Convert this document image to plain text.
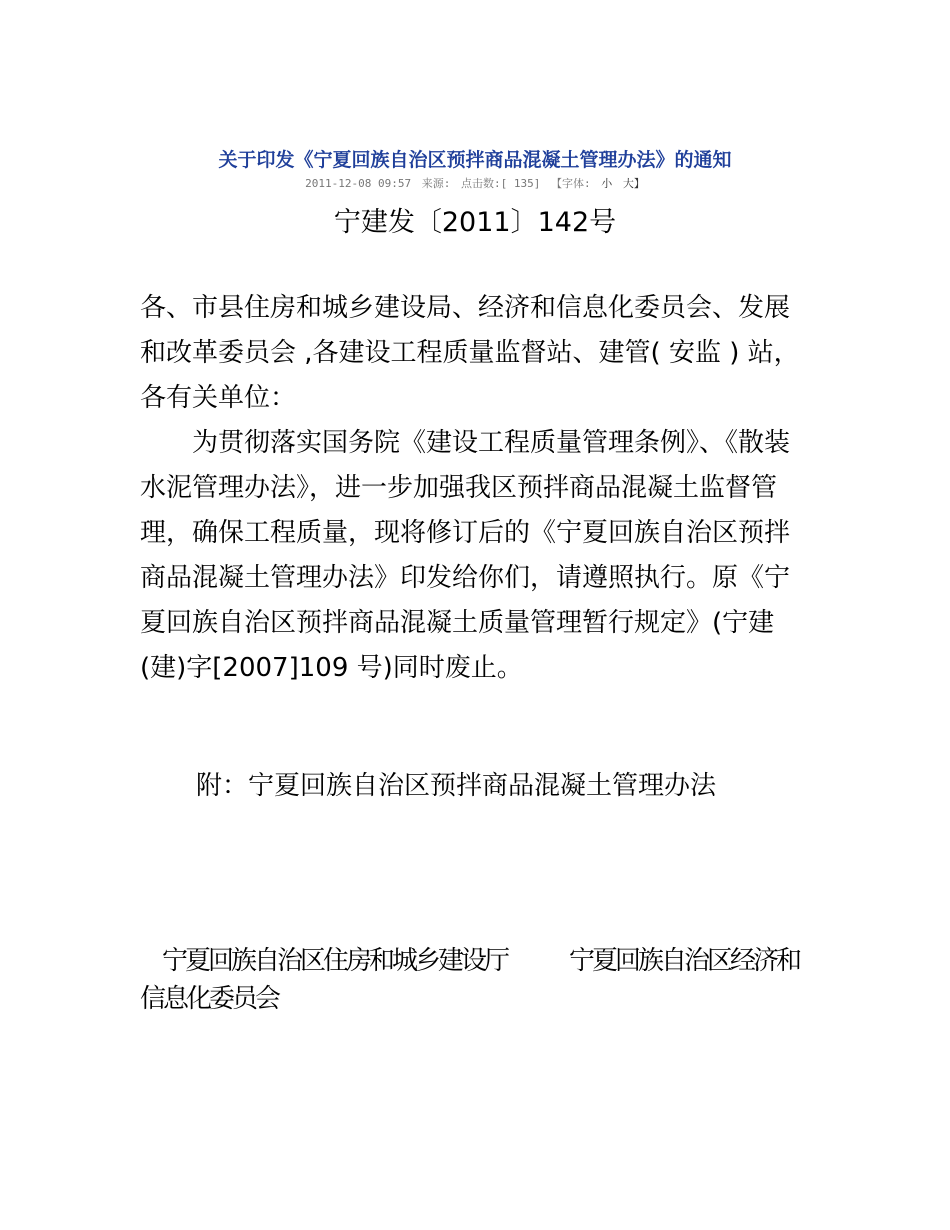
关于印发《宁夏回族自治区预拌商品混凝土管理办法》的通知
2011-12-08 09:57 来源: 点击数:[ 135] 【字体: 小 大】
宁建发〔2011〕142号
各、市县住房和城乡建设局、经济和信息化委员会、发展和改革委员会 ,各建设工程质量监督站、建管( 安监 ) 站，各有关单位：
为贯彻落实国务院《建设工程质量管理条例》、《散装水泥管理办法》，进一步加强我区预拌商品混凝土监督管理，确保工程质量，现将修订后的《宁夏回族自治区预拌商品混凝土管理办法》印发给你们，请遵照执行。原《宁夏回族自治区预拌商品混凝土质量管理暂行规定》(宁建(建)字[2007]109 号)同时废止。
附：宁夏回族自治区预拌商品混凝土管理办法
宁夏回族自治区住房和城乡建设厅 宁夏回族自治区经济和信息化委员会
